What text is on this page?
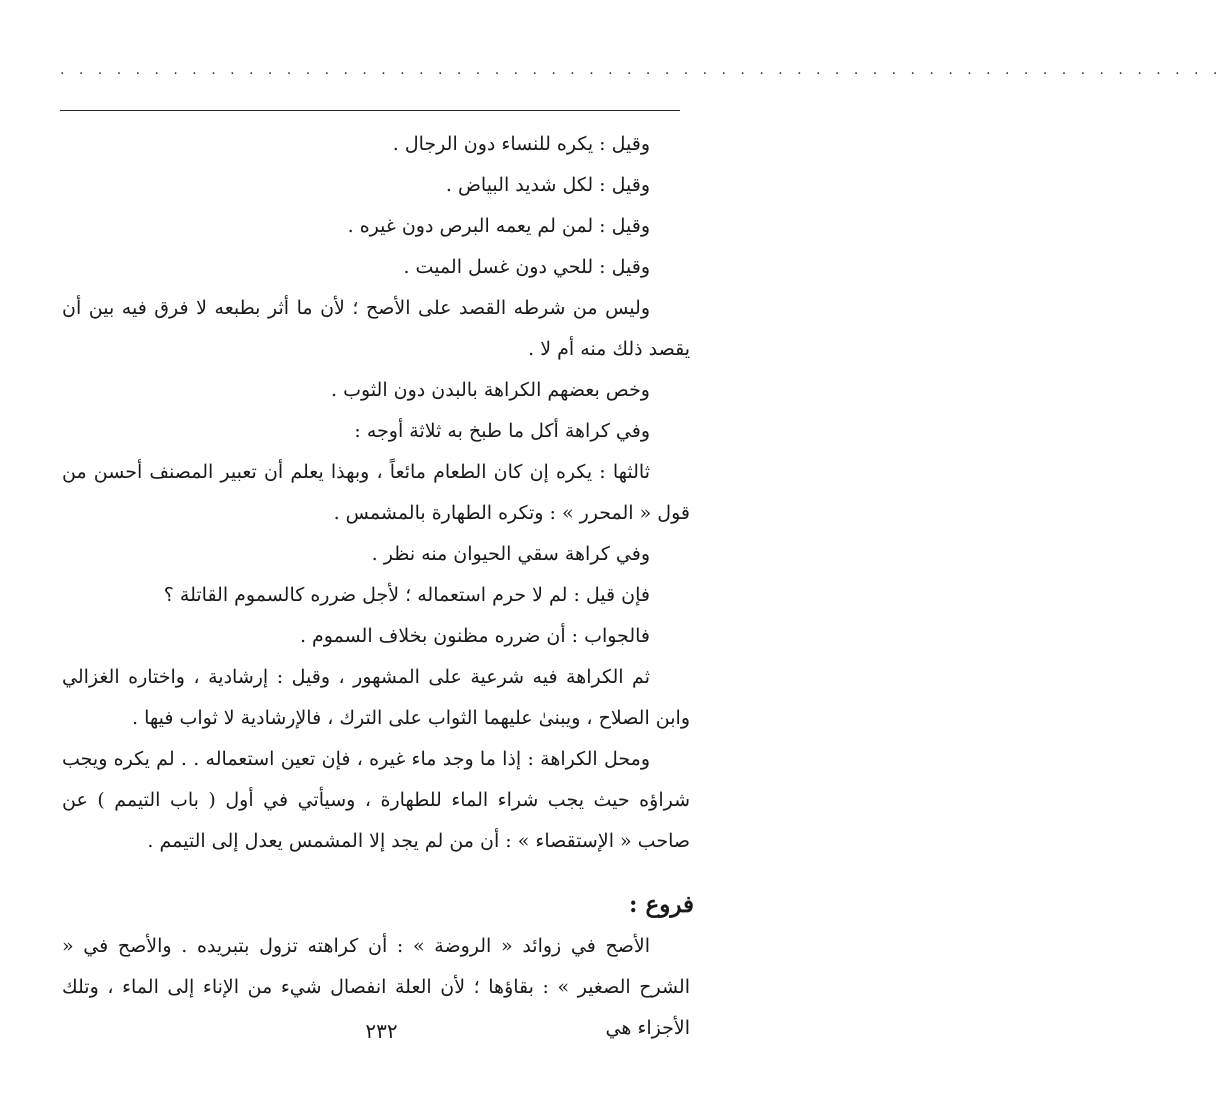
. . . . . . . . . . . . . . . . . . . . . . . . . . . . . . . . . . . . . . . . . . . . . . . . . . . . . . . . . . . . . .

وقيل : يكره للنساء دون الرجال .

وقيل : لكل شديد البياض .

وقيل : لمن لم يعمه البرص دون غيره .

وقيل : للحي دون غسل الميت .

وليس من شرطه القصد على الأصح ؛ لأن ما أثر بطبعه لا فرق فيه بين أن يقصد ذلك منه أم لا .

وخص بعضهم الكراهة بالبدن دون الثوب .

وفي كراهة أكل ما طبخ به ثلاثة أوجه :

ثالثها : يكره إن كان الطعام مائعاً ، وبهذا يعلم أن تعبير المصنف أحسن من قول « المحرر » : وتكره الطهارة بالمشمس .

وفي كراهة سقي الحيوان منه نظر .

فإن قيل : لم لا حرم استعماله ؛ لأجل ضرره كالسموم القاتلة ؟

فالجواب : أن ضرره مظنون بخلاف السموم .

ثم الكراهة فيه شرعية على المشهور ، وقيل : إرشادية ، واختاره الغزالي وابن الصلاح ، ويبنىٰ عليهما الثواب على الترك ، فالإرشادية لا ثواب فيها .

ومحل الكراهة : إذا ما وجد ماء غيره ، فإن تعين استعماله . . لم يكره ويجب شراؤه حيث يجب شراء الماء للطهارة ، وسيأتي في أول ( باب التيمم ) عن صاحب « الإستقصاء » : أن من لم يجد إلا المشمس يعدل إلى التيمم .

فروع :

الأصح في زوائد « الروضة » : أن كراهته تزول بتبريده . والأصح في « الشرح الصغير » : بقاؤها ؛ لأن العلة انفصال شيء من الإناء إلى الماء ، وتلك الأجزاء هي

٢٣٢
